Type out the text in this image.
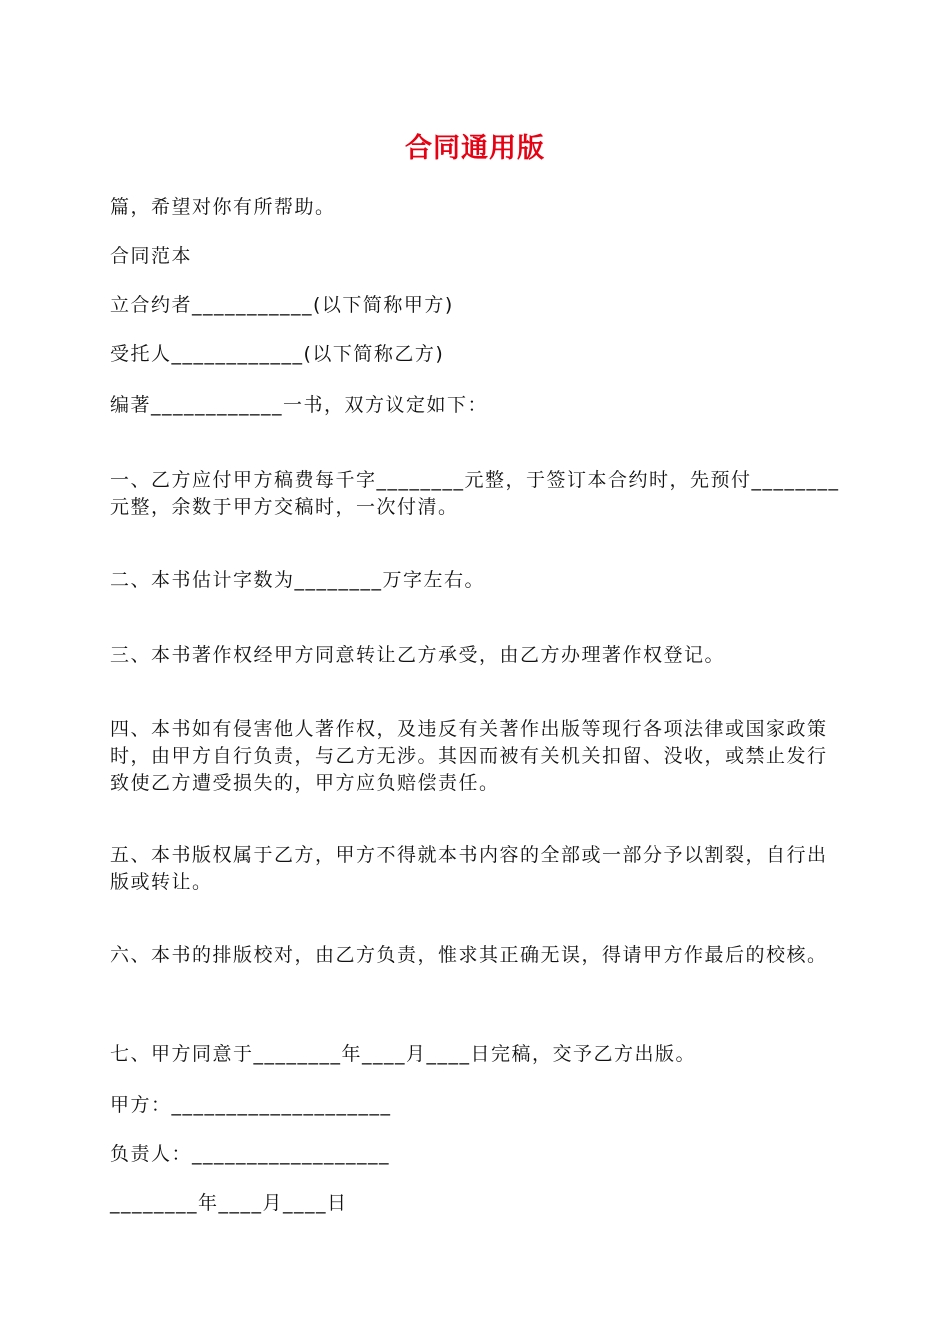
合同通用版
篇，希望对你有所帮助。
合同范本
立合约者___________(以下简称甲方)
受托人____________(以下简称乙方)
编著____________一书，双方议定如下：
一、乙方应付甲方稿费每千字________元整，于签订本合约时，先预付________元整，余数于甲方交稿时，一次付清。
二、本书估计字数为________万字左右。
三、本书著作权经甲方同意转让乙方承受，由乙方办理著作权登记。
四、本书如有侵害他人著作权，及违反有关著作出版等现行各项法律或国家政策时，由甲方自行负责，与乙方无涉。其因而被有关机关扣留、没收，或禁止发行致使乙方遭受损失的，甲方应负赔偿责任。
五、本书版权属于乙方，甲方不得就本书内容的全部或一部分予以割裂，自行出版或转让。
六、本书的排版校对，由乙方负责，惟求其正确无误，得请甲方作最后的校核。
七、甲方同意于________年____月____日完稿，交予乙方出版。
甲方：____________________
负责人：__________________
________年____月____日
